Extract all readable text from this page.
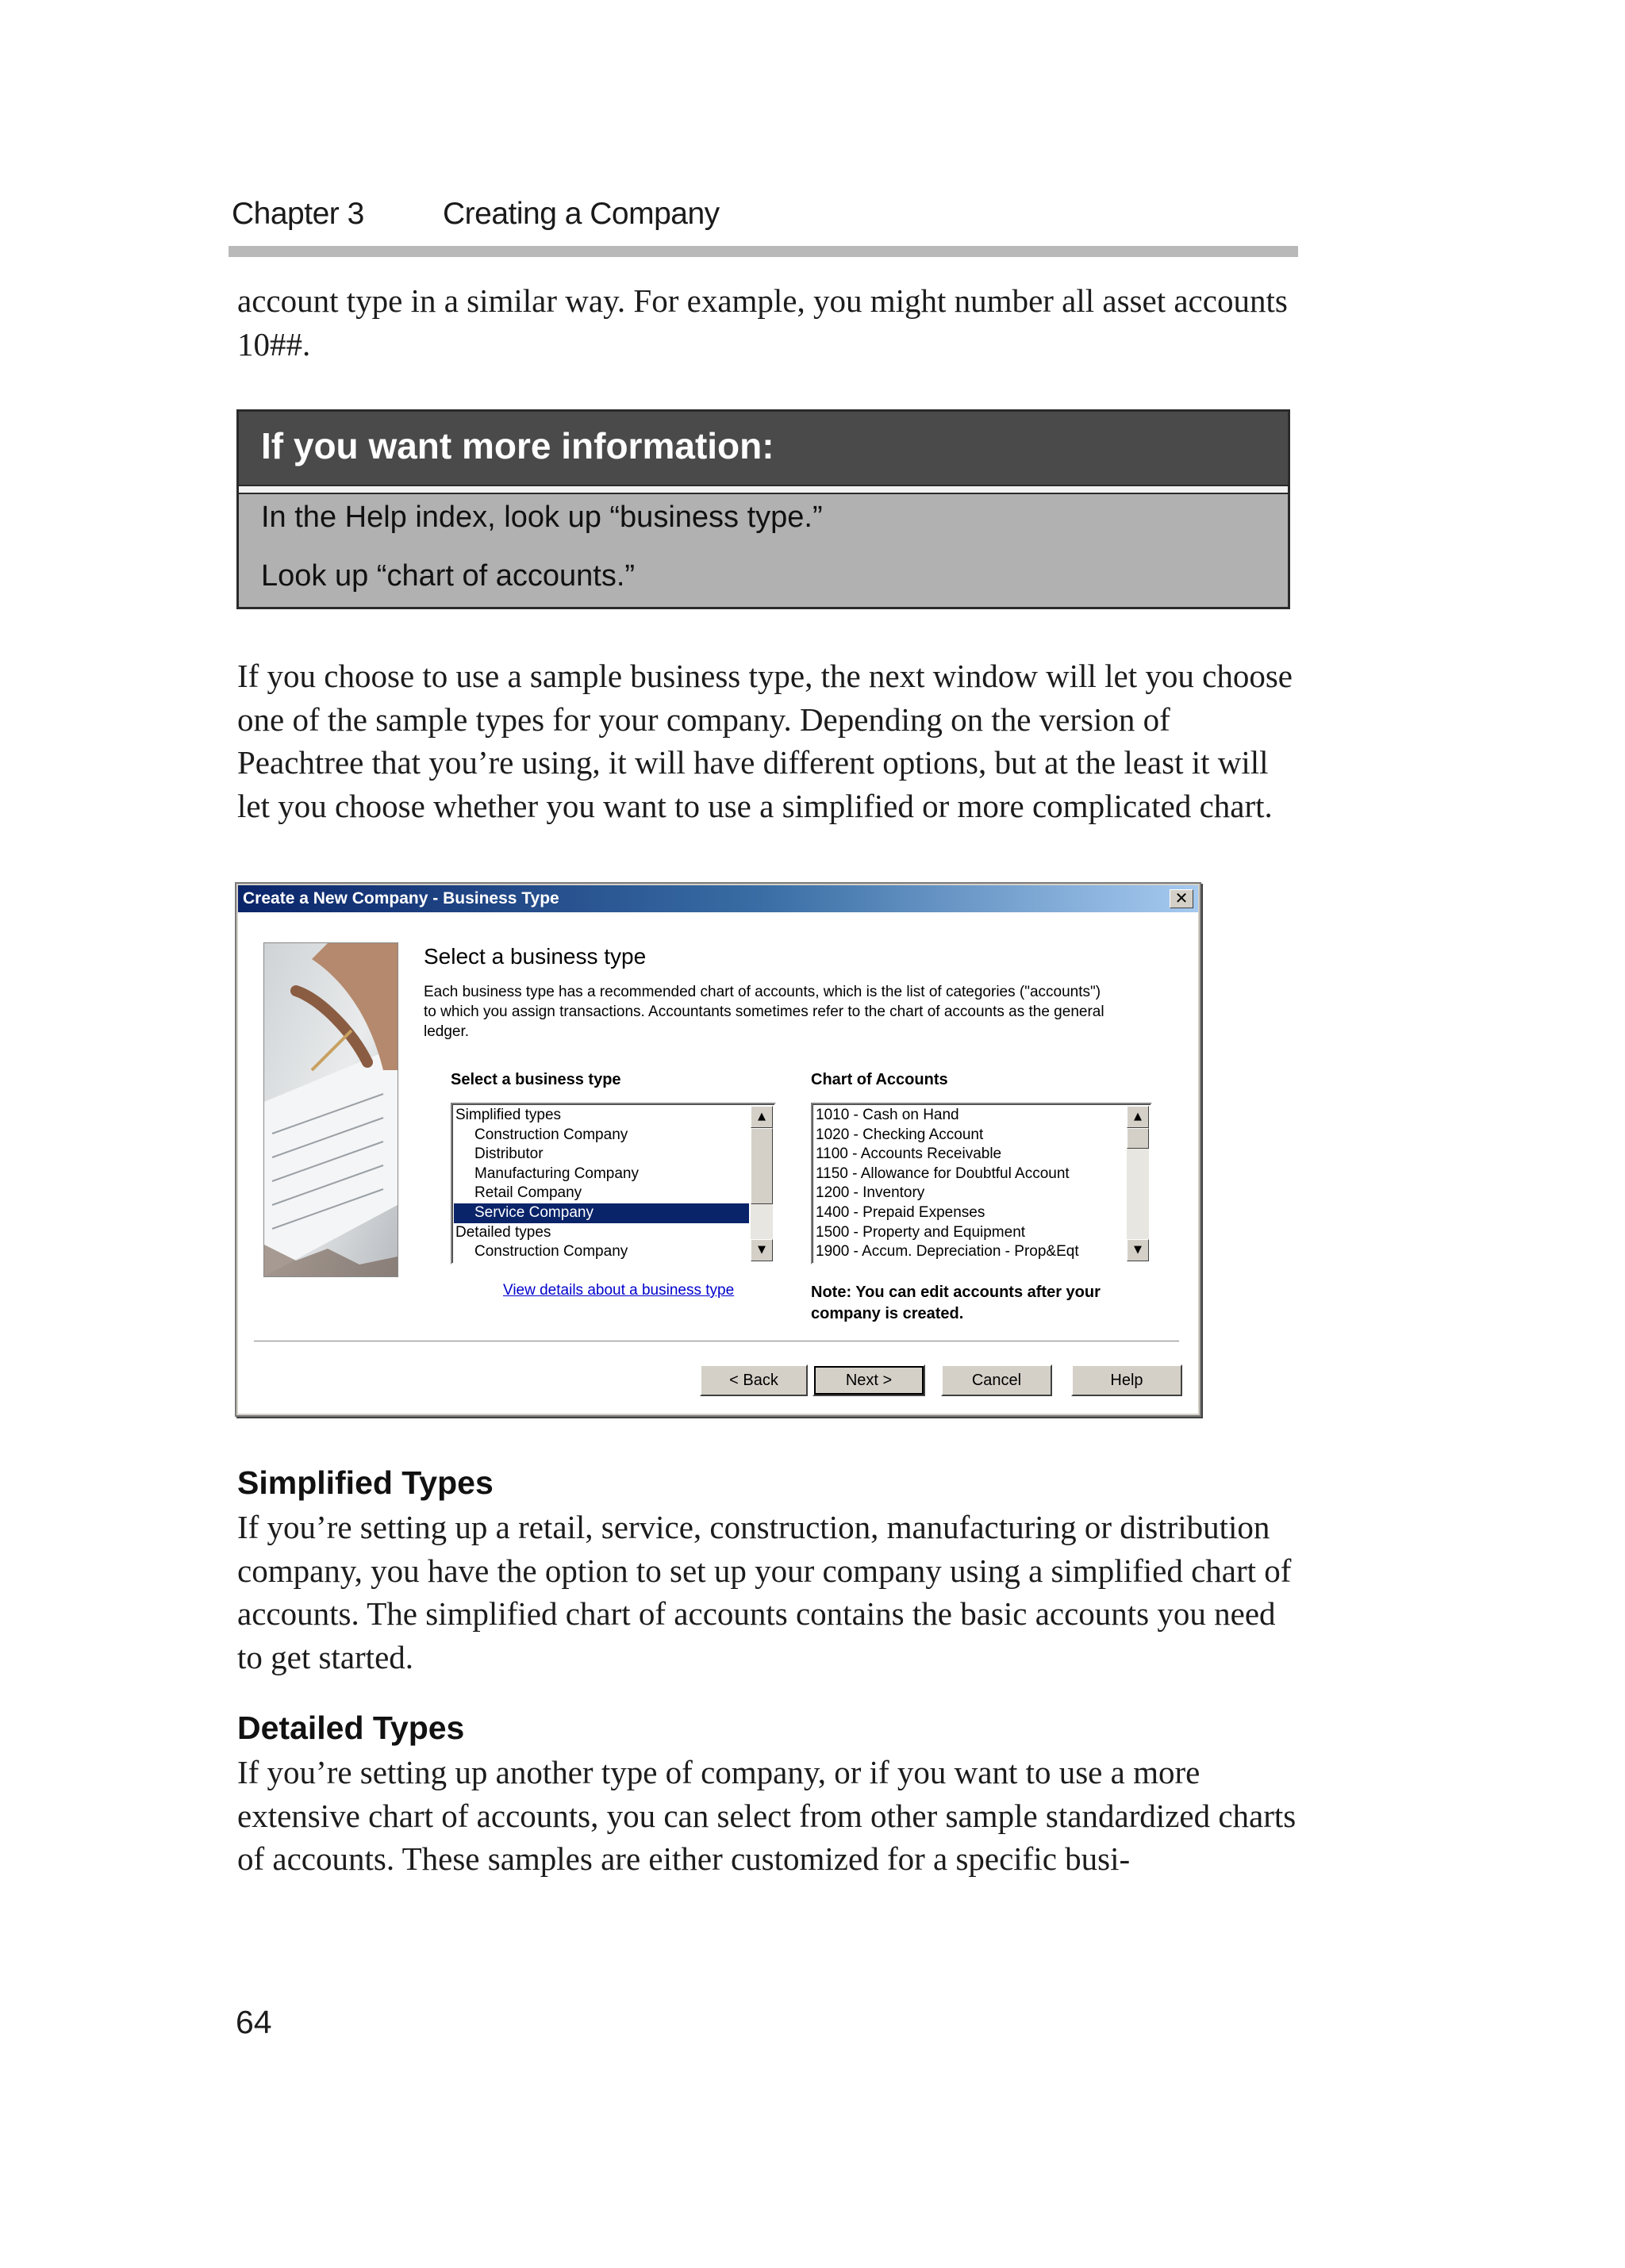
Chapter 3	Creating a Company

account type in a similar way. For example, you might number all asset accounts 10##.

If you want more information:
In the Help index, look up “business type.”
Look up “chart of accounts.”

If you choose to use a sample business type, the next window will let you choose one of the sample types for your company. Depending on the version of Peachtree that you’re using, it will have different options, but at the least it will let you choose whether you want to use a simplified or more complicated chart.

Create a New Company - Business Type	✕
Select a business type
Each business type has a recommended chart of accounts, which is the list of categories ("accounts") to which you assign transactions. Accountants sometimes refer to the chart of accounts as the general ledger.
Select a business type	Chart of Accounts
Simplified types
Construction Company
Distributor
Manufacturing Company
Retail Company
Service Company
Detailed types
Construction Company
▲
▼
1010 - Cash on Hand
1020 - Checking Account
1100 - Accounts Receivable
1150 - Allowance for Doubtful Account
1200 - Inventory
1400 - Prepaid Expenses
1500 - Property and Equipment
1900 - Accum. Depreciation - Prop&Eqt
▲
▼
View details about a business type	Note: You can edit accounts after your company is created.
< Back	Next >	Cancel	Help
Simplified Types

If you’re setting up a retail, service, construction, manufacturing or distribution company, you have the option to set up your company using a simplified chart of accounts. The simplified chart of accounts contains the basic accounts you need to get started.

Detailed Types

If you’re setting up another type of company, or if you want to use a more extensive chart of accounts, you can select from other sample standardized charts of accounts. These samples are either customized for a specific busi-

64
